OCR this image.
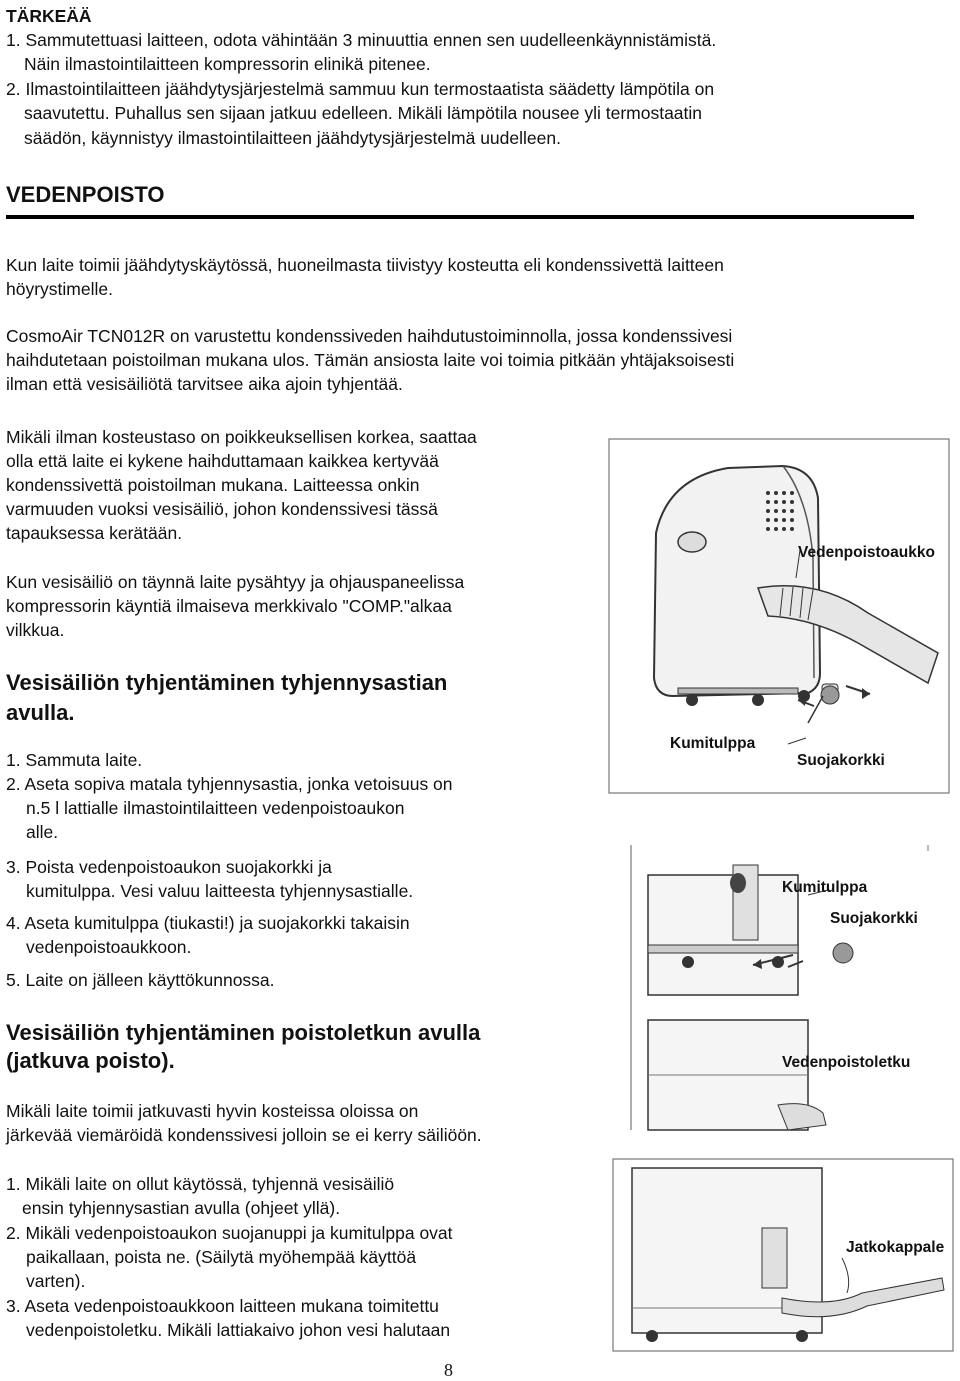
TÄRKEÄÄ
1. Sammutettuasi laitteen, odota vähintään 3 minuuttia ennen sen uudelleenkäynnistämistä.
Näin ilmastointilaitteen kompressorin elinikä pitenee.
2. Ilmastointilaitteen jäähdytysjärjestelmä sammuu kun termostaatista säädetty lämpötila on
saavutettu. Puhallus sen sijaan jatkuu edelleen. Mikäli lämpötila nousee yli termostaatin
säädön, käynnistyy ilmastointilaitteen jäähdytysjärjestelmä uudelleen.
VEDENPOISTO
Kun laite toimii jäähdytyskäytössä, huoneilmasta tiivistyy kosteutta eli kondenssivettä laitteen
höyrystimelle.
CosmoAir TCN012R on varustettu kondenssiveden haihdutustoiminnolla, jossa kondenssivesi
haihdutetaan poistoilman mukana ulos. Tämän ansiosta laite voi toimia pitkään yhtäjaksoisesti
ilman että vesisäiliötä tarvitsee aika ajoin tyhjentää.
Mikäli ilman kosteustaso on poikkeuksellisen korkea, saattaa
olla että laite ei kykene haihduttamaan kaikkea kertyvää
kondenssivettä poistoilman mukana. Laitteessa onkin
varmuuden vuoksi vesisäiliö, johon kondenssivesi tässä
tapauksessa kerätään.
Kun vesisäiliö on täynnä laite pysähtyy ja ohjauspaneelissa
kompressorin käyntiä ilmaiseva merkkivalo "COMP."alkaa
vilkkua.
Vesisäiliön tyhjentäminen tyhjennysastian
avulla.
1. Sammuta laite.
2. Aseta sopiva matala tyhjennysastia, jonka vetoisuus on
n.5 l lattialle ilmastointilaitteen vedenpoistoaukon
alle.
3. Poista vedenpoistoaukon suojakorkki ja
kumitulppa. Vesi valuu laitteesta tyhjennysastialle.
4. Aseta kumitulppa (tiukasti!) ja suojakorkki takaisin
vedenpoistoaukkoon.
5. Laite on jälleen käyttökunnossa.
Vesisäiliön tyhjentäminen poistoletkun avulla
(jatkuva poisto).
Mikäli laite toimii jatkuvasti hyvin kosteissa oloissa on
järkevää viemäröidä kondenssivesi jolloin se ei kerry säiliöön.
1. Mikäli laite on ollut käytössä, tyhjennä vesisäiliö
ensin tyhjennysastian avulla (ohjeet yllä).
2. Mikäli vedenpoistoaukon suojanuppi ja kumitulppa ovat
paikallaan, poista ne. (Säilytä myöhempää käyttöä
varten).
3. Aseta vedenpoistoaukkoon laitteen mukana toimitettu
vedenpoistoletku. Mikäli lattiakaivo johon vesi halutaan
Vedenpoistoaukko
Kumitulppa
Suojakorkki
Kumitulppa
Suojakorkki
Vedenpoistoletku
Jatkokappale
8
